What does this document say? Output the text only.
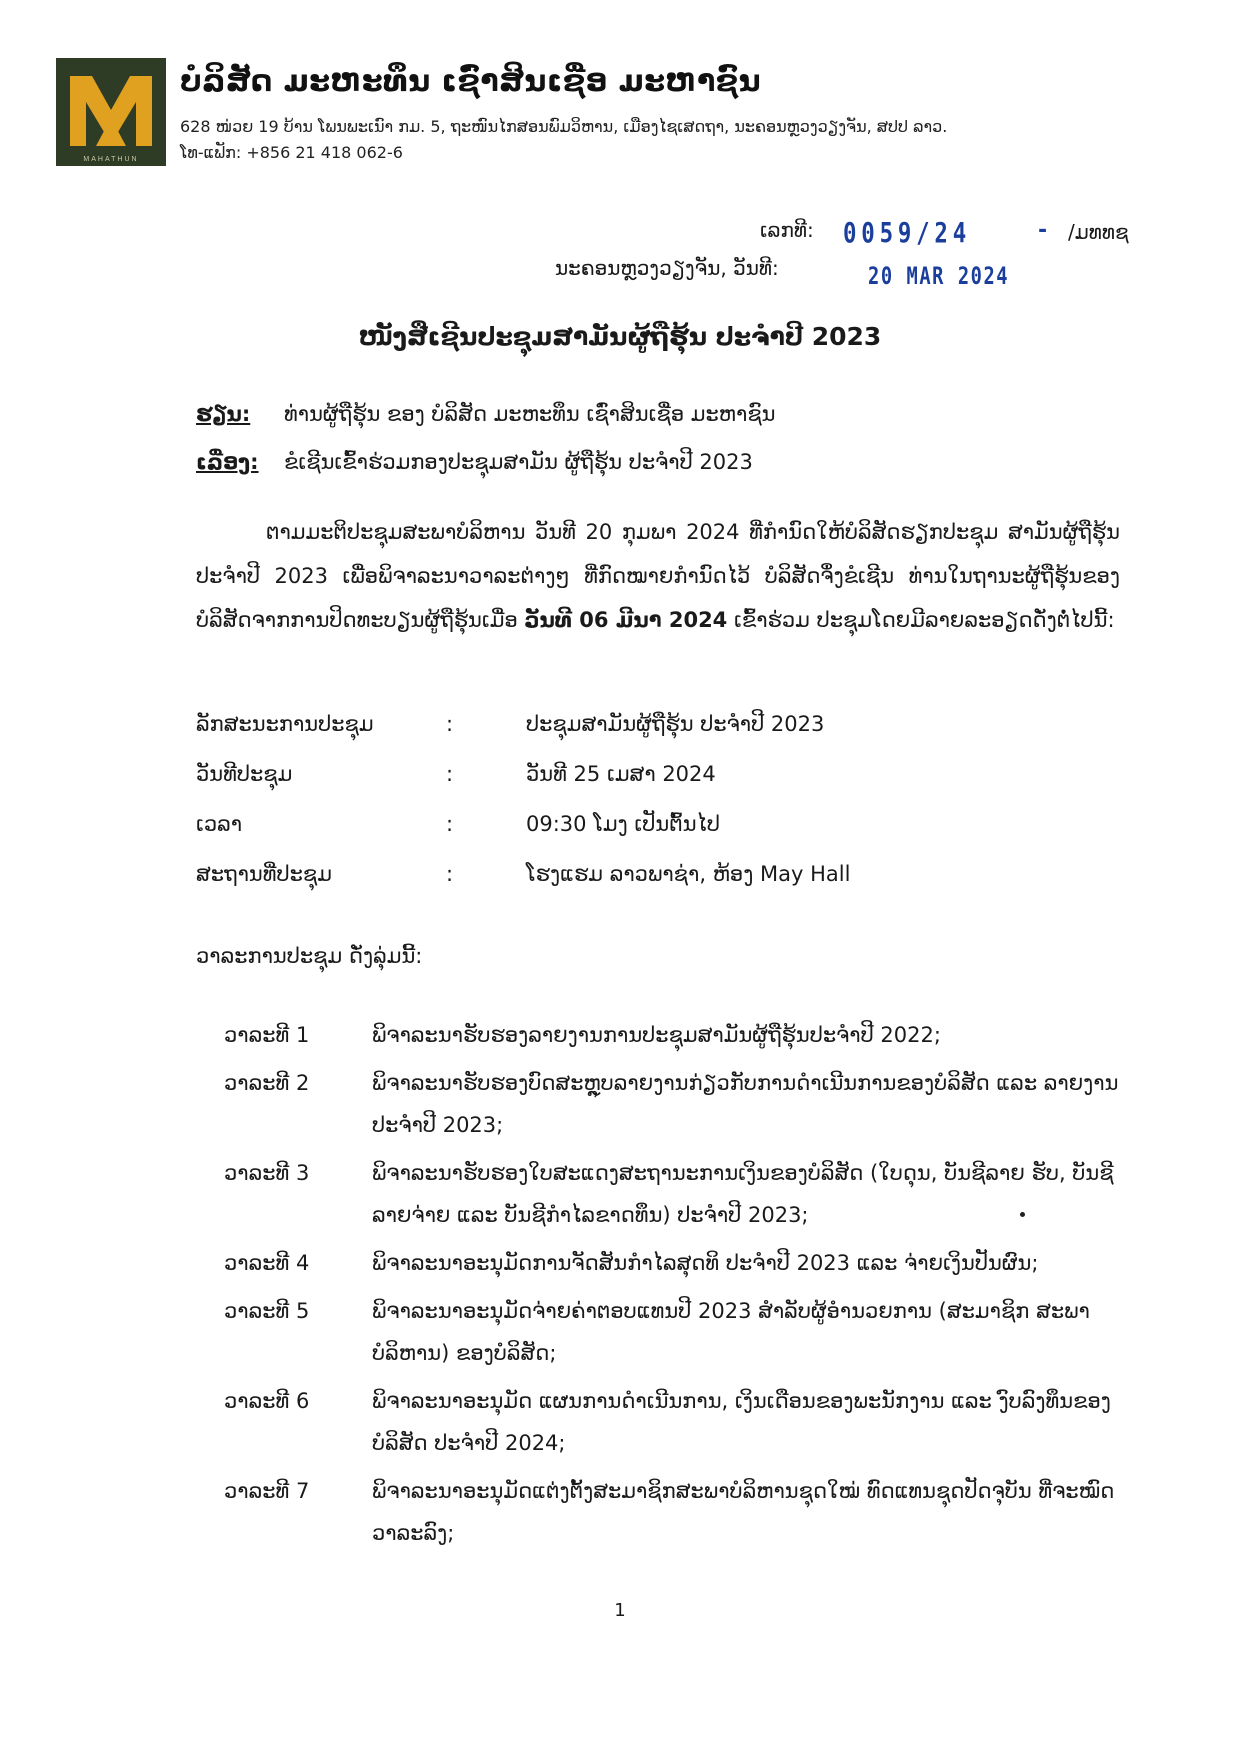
MAHATHUN
ບໍລິສັດ ມະຫະທຶນ ເຊົ່າສິນເຊື່ອ ມະຫາຊົນ
628 ໜ່ວຍ 19 ບ້ານ ໂພນພະເນົາ ກມ. 5, ຖະໜົນໄກສອນພົມວິຫານ, ເມືອງໄຊເສດຖາ, ນະຄອນຫຼວງວຽງຈັນ, ສປປ ລາວ.
ໂທ-ແຟັກ: +856 21 418 062-6
ເລກທີ: 0059/24	- /ມທທຊ
ນະຄອນຫຼວງວຽງຈັນ, ວັນທີ:	20 MAR 2024
ໜັງສືເຊີນປະຊຸມສາມັນຜູ້ຖືຮຸ້ນ ປະຈຳປີ 2023
ຮຽນ: ທ່ານຜູ້ຖືຮຸ້ນ ຂອງ ບໍລິສັດ ມະຫະທຶນ ເຊົ່າສິນເຊື່ອ ມະຫາຊົນ
ເລື່ອງ: ຂໍເຊີນເຂົ້າຮ່ວມກອງປະຊຸມສາມັນ ຜູ້ຖືຮຸ້ນ ປະຈຳປີ 2023
ຕາມມະຕິປະຊຸມສະພາບໍລິຫານ ວັນທີ 20 ກຸມພາ 2024 ທີ່ກຳນົດໃຫ້ບໍລິສັດຮຽກປະຊຸມ ສາມັນຜູ້ຖືຮຸ້ນ ປະຈຳປີ 2023 ເພື່ອພິຈາລະນາວາລະຕ່າງໆ ທີ່ກົດໝາຍກຳນົດໄວ້ ບໍລິສັດຈຶ່ງຂໍເຊີນ ທ່ານໃນຖານະຜູ້ຖືຮຸ້ນຂອງບໍລິສັດຈາກການປິດທະບຽນຜູ້ຖືຮຸ້ນເມື່ອ ວັນທີ 06 ມີນາ 2024 ເຂົ້າຮ່ວມ ປະຊຸມໂດຍມີລາຍລະອຽດດັ່ງຕໍ່ໄປນີ້:
ລັກສະນະການປະຊຸມ	:	ປະຊຸມສາມັນຜູ້ຖືຮຸ້ນ ປະຈຳປີ 2023
ວັນທີປະຊຸມ	:	ວັນທີ 25 ເມສາ 2024
ເວລາ	:	09:30 ໂມງ ເປັນຕົ້ນໄປ
ສະຖານທີ່ປະຊຸມ	:	ໂຮງແຮມ ລາວພາຊ່າ, ຫ້ອງ May Hall
ວາລະການປະຊຸມ ດັ່ງລຸ່ມນີ້:
ວາລະທີ 1	ພິຈາລະນາຮັບຮອງລາຍງານການປະຊຸມສາມັນຜູ້ຖືຮຸ້ນປະຈຳປີ 2022;
ວາລະທີ 2	ພິຈາລະນາຮັບຮອງບົດສະຫຼຸບລາຍງານກ່ຽວກັບການດຳເນີນການຂອງບໍລິສັດ ແລະ ລາຍງານປະຈຳປີ 2023;
ວາລະທີ 3	ພິຈາລະນາຮັບຮອງໃບສະແດງສະຖານະການເງິນຂອງບໍລິສັດ (ໃບດຸນ, ບັນຊີລາຍ ຮັບ, ບັນຊີລາຍຈ່າຍ ແລະ ບັນຊີກຳໄລຂາດທຶນ) ປະຈຳປີ 2023;
ວາລະທີ 4	ພິຈາລະນາອະນຸມັດການຈັດສັນກຳໄລສຸດທິ ປະຈຳປີ 2023 ແລະ ຈ່າຍເງິນປັນຜົນ;
ວາລະທີ 5	ພິຈາລະນາອະນຸມັດຈ່າຍຄ່າຕອບແທນປີ 2023 ສຳລັບຜູ້ອຳນວຍການ (ສະມາຊິກ ສະພາບໍລິຫານ) ຂອງບໍລິສັດ;
ວາລະທີ 6	ພິຈາລະນາອະນຸມັດ ແຜນການດຳເນີນການ, ເງິນເດືອນຂອງພະນັກງານ ແລະ ງົບລົງທຶນຂອງບໍລິສັດ ປະຈຳປີ 2024;
ວາລະທີ 7	ພິຈາລະນາອະນຸມັດແຕ່ງຕັ້ງສະມາຊິກສະພາບໍລິຫານຊຸດໃໝ່ ທົດແທນຊຸດປັດຈຸບັນ ທີ່ຈະໝົດວາລະລົງ;
1
